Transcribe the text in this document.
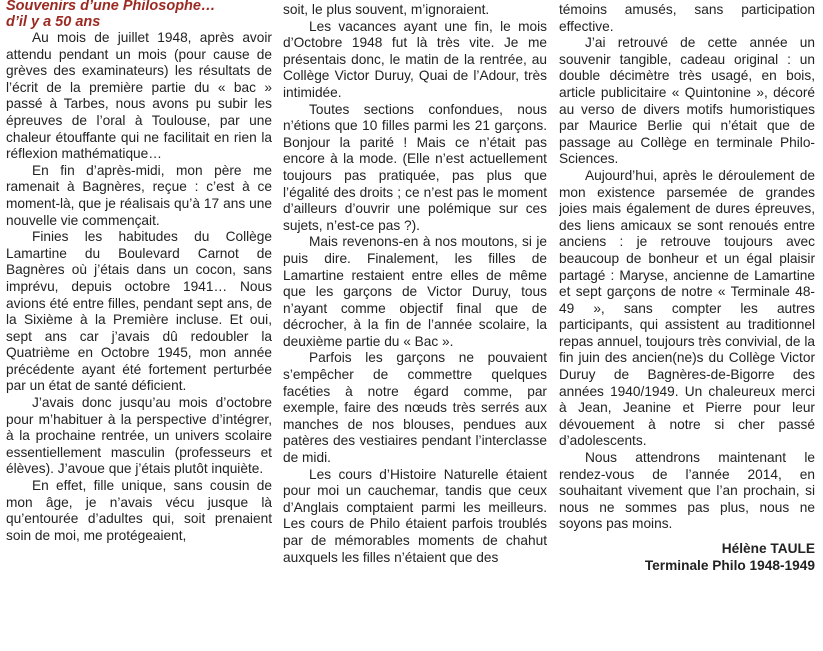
Souvenirs d’une Philosophe…
d’il y a 50 ans

Au mois de juillet 1948, après avoir attendu pendant un mois (pour cause de grèves des examinateurs) les résultats de l’écrit de la première partie du « bac » passé à Tarbes, nous avons pu subir les épreuves de l’oral à Toulouse, par une chaleur étouffante qui ne facilitait en rien la réflexion mathématique…

En fin d’après-midi, mon père me ramenait à Bagnères, reçue : c’est à ce moment-là, que je réalisais qu’à 17 ans une nouvelle vie commençait.

Finies les habitudes du Collège Lamartine du Boulevard Carnot de Bagnères où j’étais dans un cocon, sans imprévu, depuis octobre 1941… Nous avions été entre filles, pendant sept ans, de la Sixième à la Première incluse. Et oui, sept ans car j’avais dû redoubler la Quatrième en Octobre 1945, mon année précédente ayant été fortement perturbée par un état de santé déficient.

J’avais donc jusqu’au mois d’octobre pour m’habituer à la perspective d’intégrer, à la prochaine rentrée, un univers scolaire essentiellement masculin (professeurs et élèves). J’avoue que j’étais plutôt inquiète.

En effet, fille unique, sans cousin de mon âge, je n’avais vécu jusque là qu’entourée d’adultes qui, soit prenaient soin de moi, me protégeaient,

soit, le plus souvent, m’ignoraient.

Les vacances ayant une fin, le mois d’Octobre 1948 fut là très vite. Je me présentais donc, le matin de la rentrée, au Collège Victor Duruy, Quai de l’Adour, très intimidée.

Toutes sections confondues, nous n’étions que 10 filles parmi les 21 garçons. Bonjour la parité ! Mais ce n’était pas encore à la mode. (Elle n’est actuellement toujours pas pratiquée, pas plus que l’égalité des droits ; ce n’est pas le moment d’ailleurs d’ouvrir une polémique sur ces sujets, n’est-ce pas ?).

Mais revenons-en à nos moutons, si je puis dire. Finalement, les filles de Lamartine restaient entre elles de même que les garçons de Victor Duruy, tous n’ayant comme objectif final que de décrocher, à la fin de l’année scolaire, la deuxième partie du « Bac ».

Parfois les garçons ne pouvaient s’empêcher de commettre quelques facéties à notre égard comme, par exemple, faire des nœuds très serrés aux manches de nos blouses, pendues aux patères des vestiaires pendant l’interclasse de midi.

Les cours d’Histoire Naturelle étaient pour moi un cauchemar, tandis que ceux d’Anglais comptaient parmi les meilleurs. Les cours de Philo étaient parfois troublés par de mémorables moments de chahut auxquels les filles n’étaient que des

témoins amusés, sans participation effective.

J’ai retrouvé de cette année un souvenir tangible, cadeau original : un double décimètre très usagé, en bois, article publicitaire « Quintonine », décoré au verso de divers motifs humoristiques par Maurice Berlie qui n’était que de passage au Collège en terminale Philo-Sciences.

Aujourd’hui, après le déroulement de mon existence parsemée de grandes joies mais également de dures épreuves, des liens amicaux se sont renoués entre anciens : je retrouve toujours avec beaucoup de bonheur et un égal plaisir partagé : Maryse, ancienne de Lamartine et sept garçons de notre « Terminale 48-49 », sans compter les autres participants, qui assistent au traditionnel repas annuel, toujours très convivial, de la fin juin des ancien(ne)s du Collège Victor Duruy de Bagnères-de-Bigorre des années 1940/1949. Un chaleureux merci à Jean, Jeanine et Pierre pour leur dévouement à notre si cher passé d’adolescents.

Nous attendrons maintenant le rendez-vous de l’année 2014, en souhaitant vivement que l’an prochain, si nous ne sommes pas plus, nous ne soyons pas moins.

Hélène TAULE

Terminale Philo 1948-1949
